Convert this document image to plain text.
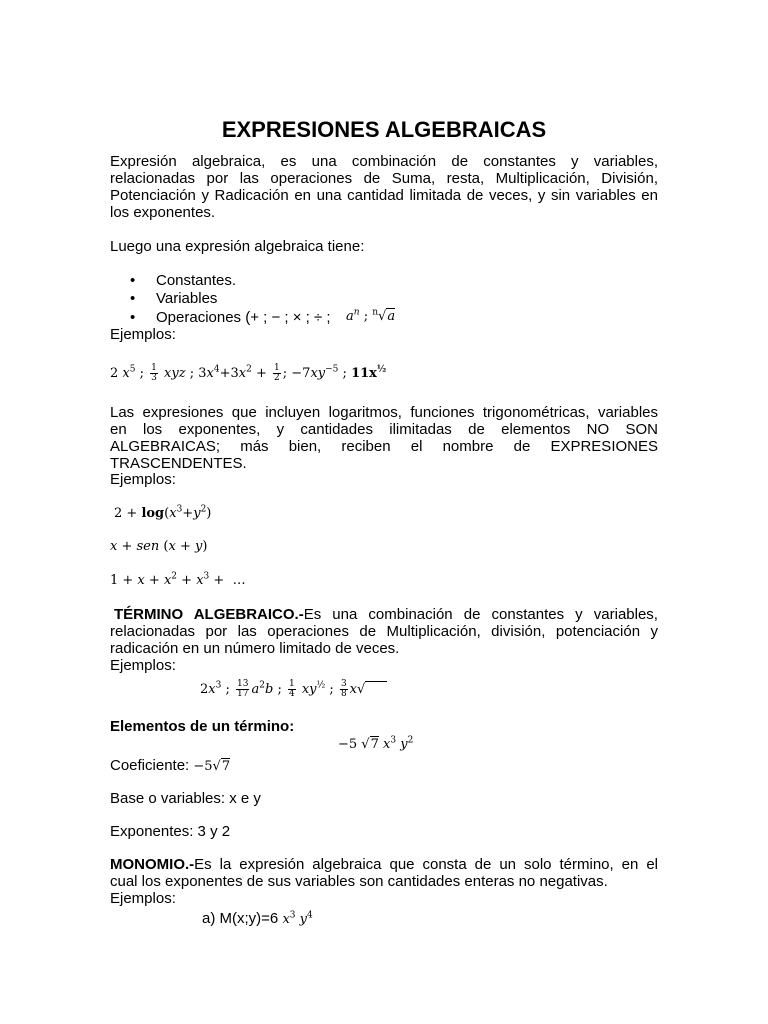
EXPRESIONES ALGEBRAICAS
Expresión algebraica, es una combinación de constantes y variables,
relacionadas por las operaciones de Suma, resta, Multiplicación, División,
Potenciación y Radicación en una cantidad limitada de veces, y sin variables en
los exponentes.
Luego una expresión algebraica tiene:
• Constantes.
• Variables
• Operaciones (+ ; − ; × ; ÷ ; $a^n$ ; $^n$√a
Ejemplos:
2 $x^5$ ; $\frac{1}{3}$ xyz ; $3x^4+3x^2 + \frac{1}{2}$ ; $-7xy^{-5}$ ; $11x^{\frac{1}{2}}$
Las expresiones que incluyen logaritmos, funciones trigonométricas, variables
en los exponentes, y cantidades ilimitadas de elementos NO SON
ALGEBRAICAS; más bien, reciben el nombre de EXPRESIONES
TRASCENDENTES.
Ejemplos:
$2 + \log(x^3+y^2)$
x + sen (x + y)
$1 + x + x^2 + x^3$ +  …
TÉRMINO ALGEBRAICO.-Es una combinación de constantes y variables,
relacionadas por las operaciones de Multiplicación, división, potenciación y
radicación en un número limitado de veces.
Ejemplos:
$2x^3$ ; $\frac{13}{17} a^2b$ ; $\frac{1}{4} xy^{\frac{1}{2}}$ ; $\frac{3}{8} x√$
Elementos de un término:
−5 √7 $x^3$ $y^2$
Coeficiente: −5√7
Base o variables: x e y
Exponentes: 3 y 2
MONOMIO.-Es la expresión algebraica que consta de un solo término, en el
cual los exponentes de sus variables son cantidades enteras no negativas.
Ejemplos:
a) M(x;y)=6 $x^3$ $y^4$
